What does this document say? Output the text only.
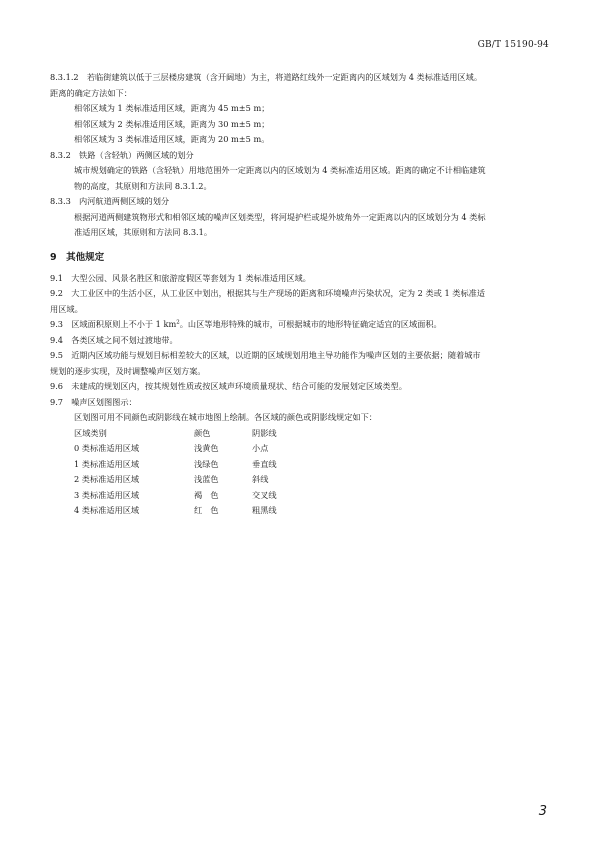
GB/T 15190-94

8.3.1.2　若临街建筑以低于三层楼房建筑（含开阔地）为主，将道路红线外一定距离内的区域划为 4 类标准适用区域。

距离的确定方法如下：

相邻区域为 1 类标准适用区域，距离为 45 m±5 m；

相邻区域为 2 类标准适用区域，距离为 30 m±5 m；

相邻区域为 3 类标准适用区域，距离为 20 m±5 m。

8.3.2　铁路（含轻轨）两侧区域的划分

城市规划确定的铁路（含轻轨）用地范围外一定距离以内的区域划为 4 类标准适用区域。距离的确定不计相临建筑

物的高度，其原则和方法同 8.3.1.2。

8.3.3　内河航道两侧区域的划分

根据河道两侧建筑物形式和相邻区域的噪声区划类型，将河堤护栏或堤外坡角外一定距离以内的区域划分为 4 类标

准适用区域，其原则和方法同 8.3.1。

9　其他规定

9.1　大型公园、风景名胜区和旅游度假区等套划为 1 类标准适用区域。

9.2　大工业区中的生活小区，从工业区中划出，根据其与生产现场的距离和环境噪声污染状况，定为 2 类或 1 类标准适

用区域。

9.3　区域面积原则上不小于 1 $km^2$。山区等地形特殊的城市，可根据城市的地形特征确定适宜的区域面积。

9.4　各类区域之间不划过渡地带。

9.5　近期内区域功能与规划目标相差较大的区域，以近期的区域规划用地主导功能作为噪声区划的主要依据；随着城市

规划的逐步实现，及时调整噪声区划方案。

9.6　未建成的规划区内，按其规划性质或按区域声环境质量现状、结合可能的发展划定区域类型。

9.7　噪声区划图图示：

区划图可用不同颜色或阴影线在城市地图上绘制。各区域的颜色或阴影线规定如下：

区域类别	颜色	阴影线
0 类标准适用区域	浅黄色	小点
1 类标准适用区域	浅绿色	垂直线
2 类标准适用区域	浅蓝色	斜线
3 类标准适用区域	褐　色	交叉线
4 类标准适用区域	红　色	粗黑线
3
